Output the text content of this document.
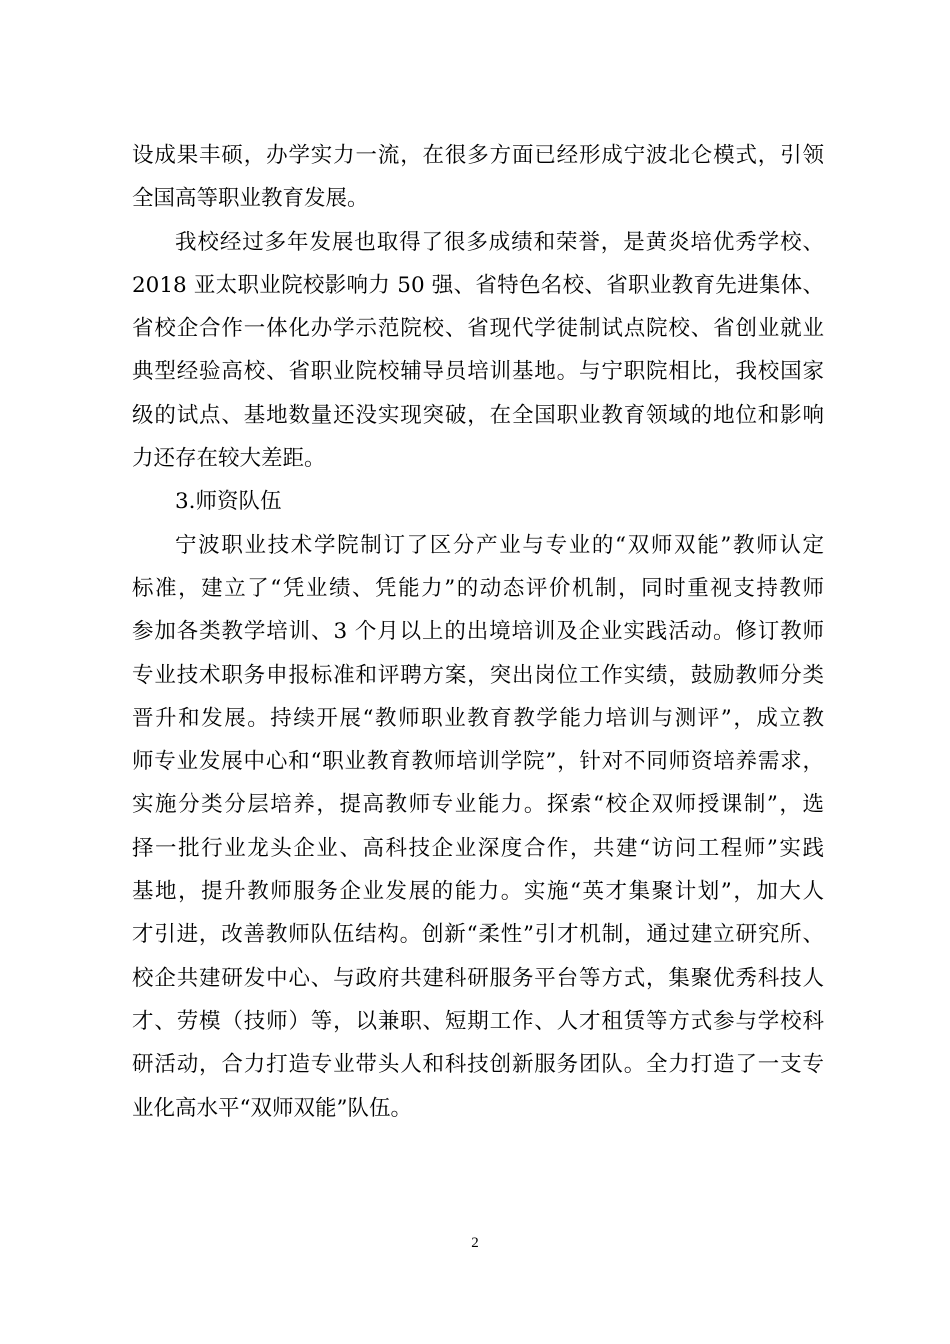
设成果丰硕，办学实力一流，在很多方面已经形成宁波北仑模式，引领
全国高等职业教育发展。
我校经过多年发展也取得了很多成绩和荣誉，是黄炎培优秀学校、
2018 亚太职业院校影响力 50 强、省特色名校、省职业教育先进集体、
省校企合作一体化办学示范院校、省现代学徒制试点院校、省创业就业
典型经验高校、省职业院校辅导员培训基地。与宁职院相比，我校国家
级的试点、基地数量还没实现突破，在全国职业教育领域的地位和影响
力还存在较大差距。
3.师资队伍
宁波职业技术学院制订了区分产业与专业的“双师双能”教师认定
标准，建立了“凭业绩、凭能力”的动态评价机制，同时重视支持教师
参加各类教学培训、3 个月以上的出境培训及企业实践活动。修订教师
专业技术职务申报标准和评聘方案，突出岗位工作实绩，鼓励教师分类
晋升和发展。持续开展“教师职业教育教学能力培训与测评”，成立教
师专业发展中心和“职业教育教师培训学院”，针对不同师资培养需求，
实施分类分层培养，提高教师专业能力。探索“校企双师授课制”，选
择一批行业龙头企业、高科技企业深度合作，共建“访问工程师”实践
基地，提升教师服务企业发展的能力。实施“英才集聚计划”，加大人
才引进，改善教师队伍结构。创新“柔性”引才机制，通过建立研究所、
校企共建研发中心、与政府共建科研服务平台等方式，集聚优秀科技人
才、劳模（技师）等，以兼职、短期工作、人才租赁等方式参与学校科
研活动，合力打造专业带头人和科技创新服务团队。全力打造了一支专
业化高水平“双师双能”队伍。
2
